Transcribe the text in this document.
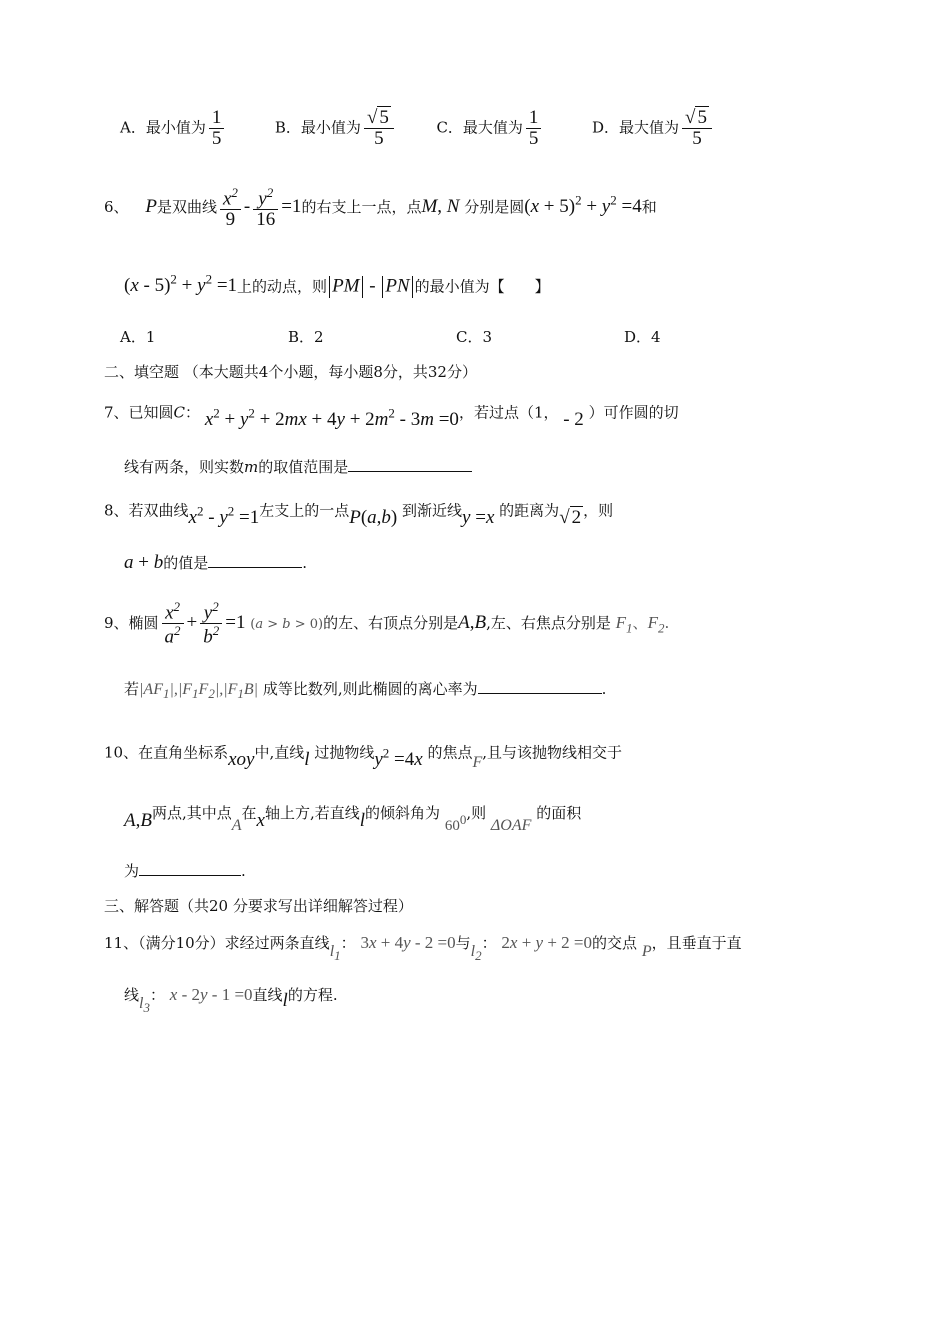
A．最小值为 $\frac{1}{5}$	B．最小值为 $\frac{√ 5}{5}$	C．最大值为 $\frac{1}{5}$	D．最大值为 $\frac{√ 5}{5}$
6、 P是双曲线 $\frac{x^2}{9} - \frac{y^2}{16} =1$的右支上一点，点M, N 分别是圆$(x + 5)^2 + y^2 =4$和
$(x - 5)^2 + y^2 =1$上的动点，则 PM - PN 的最小值为【　　】
A．1	B．2	C．3	D．4
二、填空题 （本大题共4个小题，每小题8分，共32分）
7、已知圆C： $x^2 + y^2 + 2mx + 4y + 2m^2 - 3m =0$，若过点（1， - 2 ）可作圆的切
线有两条，则实数m的取值范围是
8、若双曲线$x^2 - y^2 =1$左支上的一点P(a,b) 到渐近线y =x 的距离为√ 2 ，则
a + b的值是	.
9、椭圆 $\frac{x^2}{a^2} + \frac{y^2}{b^2} =1$ (a > b > 0)的左、右顶点分别是A,B,左、右焦点分别是 $F_1$、$F_2$.
若$|AF_1|,|F_1F_2|,|F_1B|$ 成等比数列,则此椭圆的离心率为	.
10、在直角坐标系xoy中,直线l 过抛物线$y^2 =4x$ 的焦点F,且与该抛物线相交于
A,B两点,其中点A在x轴上方,若直线l的倾斜角为 $60^0$,则 ΔOAF 的面积
为	.
三、解答题（共20 分要求写出详细解答过程）
11、（满分10分）求经过两条直线$l_1$： 3x + 4y - 2 =0与$l_2$： 2x + y + 2 =0的交点 P，且垂直于直
线$l_3$： x - 2y - 1 =0直线l的方程.
